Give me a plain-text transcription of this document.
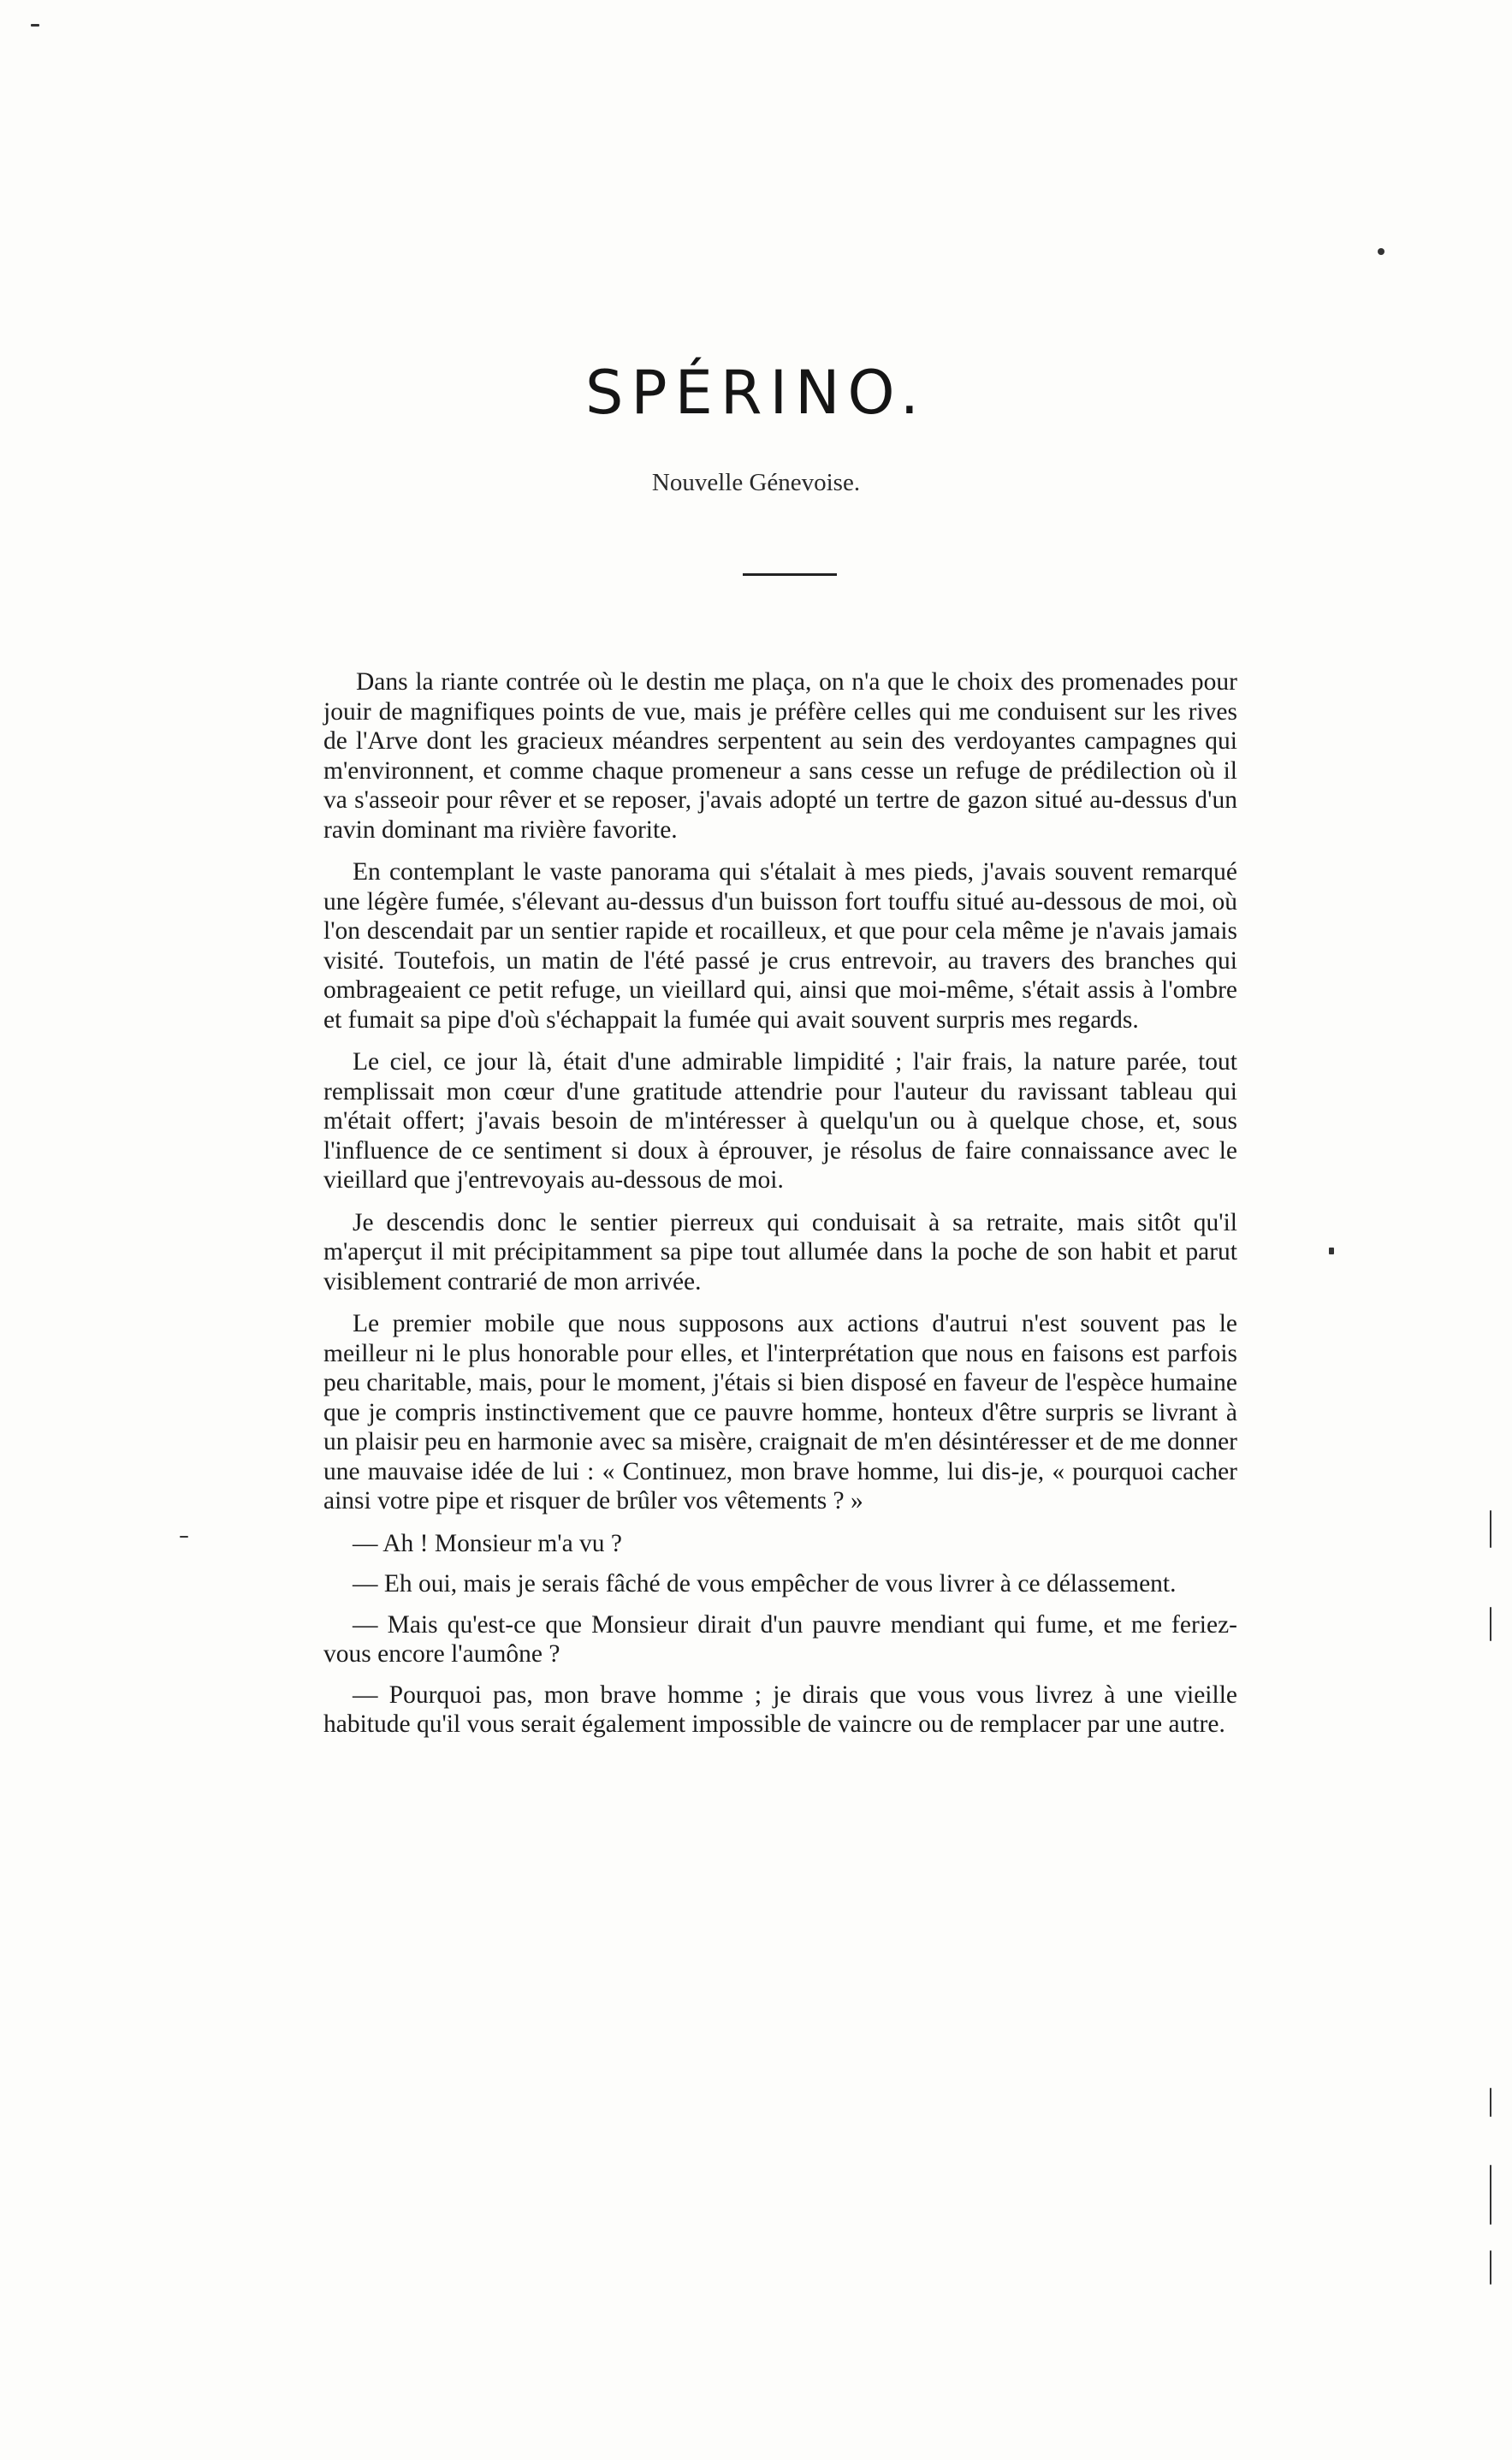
SPÉRINO.
Nouvelle Génevoise.

Dans la riante contrée où le destin me plaça, on n'a que le choix des promenades pour jouir de magnifiques points de vue, mais je préfère celles qui me conduisent sur les rives de l'Arve dont les gracieux méandres serpentent au sein des verdoyantes campagnes qui m'environnent, et comme chaque promeneur a sans cesse un refuge de prédilection où il va s'asseoir pour rêver et se reposer, j'avais adopté un tertre de gazon situé au-dessus d'un ravin dominant ma rivière favorite.

En contemplant le vaste panorama qui s'étalait à mes pieds, j'avais souvent remarqué une légère fumée, s'élevant au-dessus d'un buisson fort touffu situé au-dessous de moi, où l'on descendait par un sentier rapide et rocailleux, et que pour cela même je n'avais jamais visité. Toutefois, un matin de l'été passé je crus entrevoir, au travers des branches qui ombrageaient ce petit refuge, un vieillard qui, ainsi que moi-même, s'était assis à l'ombre et fumait sa pipe d'où s'échappait la fumée qui avait souvent surpris mes regards.

Le ciel, ce jour là, était d'une admirable limpidité ; l'air frais, la nature parée, tout remplissait mon cœur d'une gratitude attendrie pour l'auteur du ravissant tableau qui m'était offert; j'avais besoin de m'intéresser à quelqu'un ou à quelque chose, et, sous l'influence de ce sentiment si doux à éprouver, je résolus de faire connaissance avec le vieillard que j'entrevoyais au-dessous de moi.

Je descendis donc le sentier pierreux qui conduisait à sa retraite, mais sitôt qu'il m'aperçut il mit précipitamment sa pipe tout allumée dans la poche de son habit et parut visiblement contrarié de mon arrivée.

Le premier mobile que nous supposons aux actions d'autrui n'est souvent pas le meilleur ni le plus honorable pour elles, et l'interprétation que nous en faisons est parfois peu charitable, mais, pour le moment, j'étais si bien disposé en faveur de l'espèce humaine que je compris instinctivement que ce pauvre homme, honteux d'être surpris se livrant à un plaisir peu en harmonie avec sa misère, craignait de m'en désintéresser et de me donner une mauvaise idée de lui : « Continuez, mon brave homme, lui dis-je, « pourquoi cacher ainsi votre pipe et risquer de brûler vos vêtements ? »

— Ah ! Monsieur m'a vu ?

— Eh oui, mais je serais fâché de vous empêcher de vous livrer à ce délassement.

— Mais qu'est-ce que Monsieur dirait d'un pauvre mendiant qui fume, et me feriez-vous encore l'aumône ?

— Pourquoi pas, mon brave homme ; je dirais que vous vous livrez à une vieille habitude qu'il vous serait également impossible de vaincre ou de remplacer par une autre.
